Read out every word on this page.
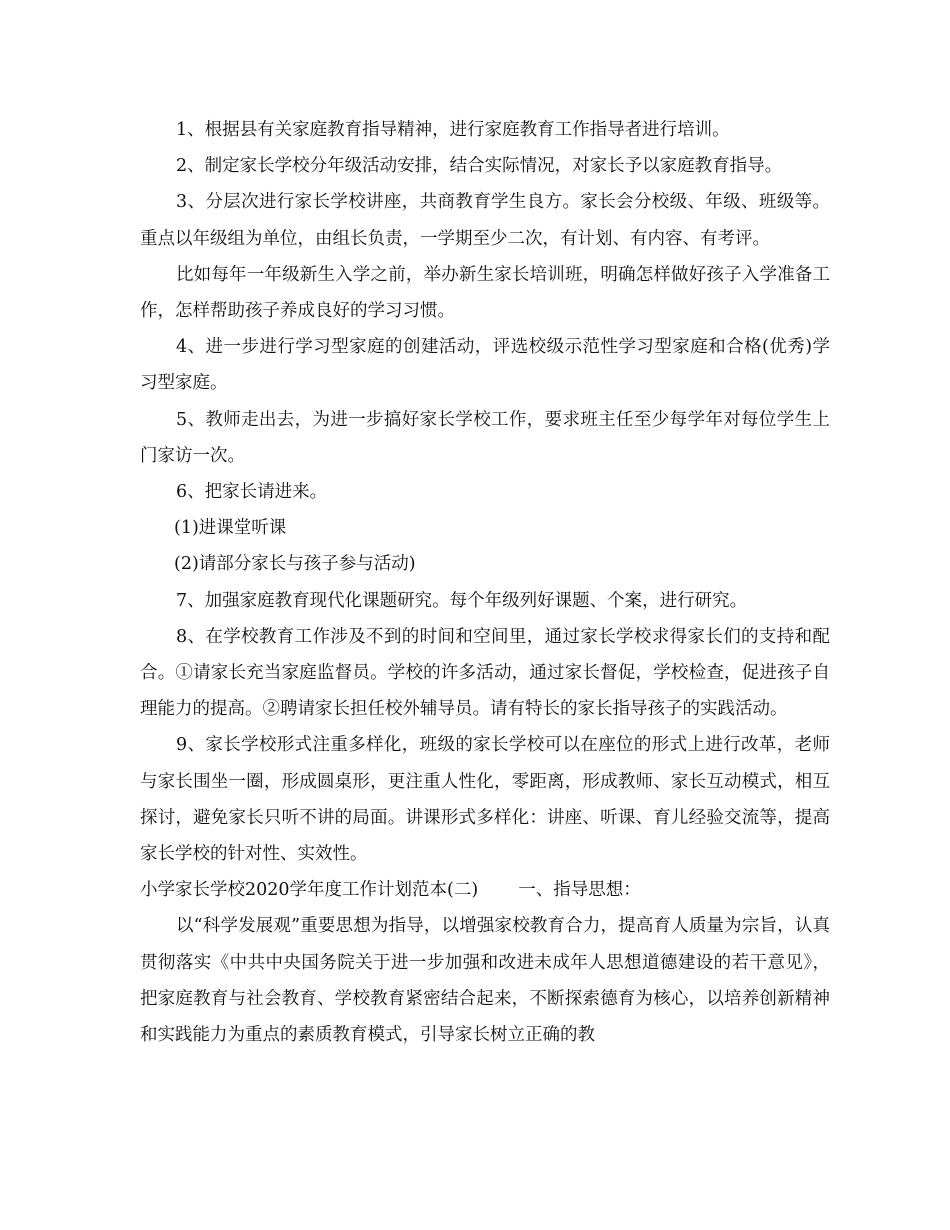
1、根据县有关家庭教育指导精神，进行家庭教育工作指导者进行培训。

2、制定家长学校分年级活动安排，结合实际情况，对家长予以家庭教育指导。

3、分层次进行家长学校讲座，共商教育学生良方。家长会分校级、年级、班级等。重点以年级组为单位，由组长负责，一学期至少二次，有计划、有内容、有考评。

比如每年一年级新生入学之前，举办新生家长培训班，明确怎样做好孩子入学准备工作，怎样帮助孩子养成良好的学习习惯。

4、进一步进行学习型家庭的创建活动，评选校级示范性学习型家庭和合格(优秀)学习型家庭。

5、教师走出去，为进一步搞好家长学校工作，要求班主任至少每学年对每位学生上门家访一次。

6、把家长请进来。

(1)进课堂听课

(2)请部分家长与孩子参与活动)

7、加强家庭教育现代化课题研究。每个年级列好课题、个案，进行研究。

8、在学校教育工作涉及不到的时间和空间里，通过家长学校求得家长们的支持和配合。①请家长充当家庭监督员。学校的许多活动，通过家长督促，学校检查，促进孩子自理能力的提高。②聘请家长担任校外辅导员。请有特长的家长指导孩子的实践活动。

9、家长学校形式注重多样化，班级的家长学校可以在座位的形式上进行改革，老师与家长围坐一圈，形成圆桌形，更注重人性化，零距离，形成教师、家长互动模式，相互探讨，避免家长只听不讲的局面。讲课形式多样化：讲座、听课、育儿经验交流等，提高家长学校的针对性、实效性。

小学家长学校2020学年度工作计划范本(二) 一、指导思想：

以“科学发展观”重要思想为指导，以增强家校教育合力，提高育人质量为宗旨，认真贯彻落实《中共中央国务院关于进一步加强和改进未成年人思想道德建设的若干意见》，把家庭教育与社会教育、学校教育紧密结合起来，不断探索德育为核心，以培养创新精神和实践能力为重点的素质教育模式，引导家长树立正确的教
